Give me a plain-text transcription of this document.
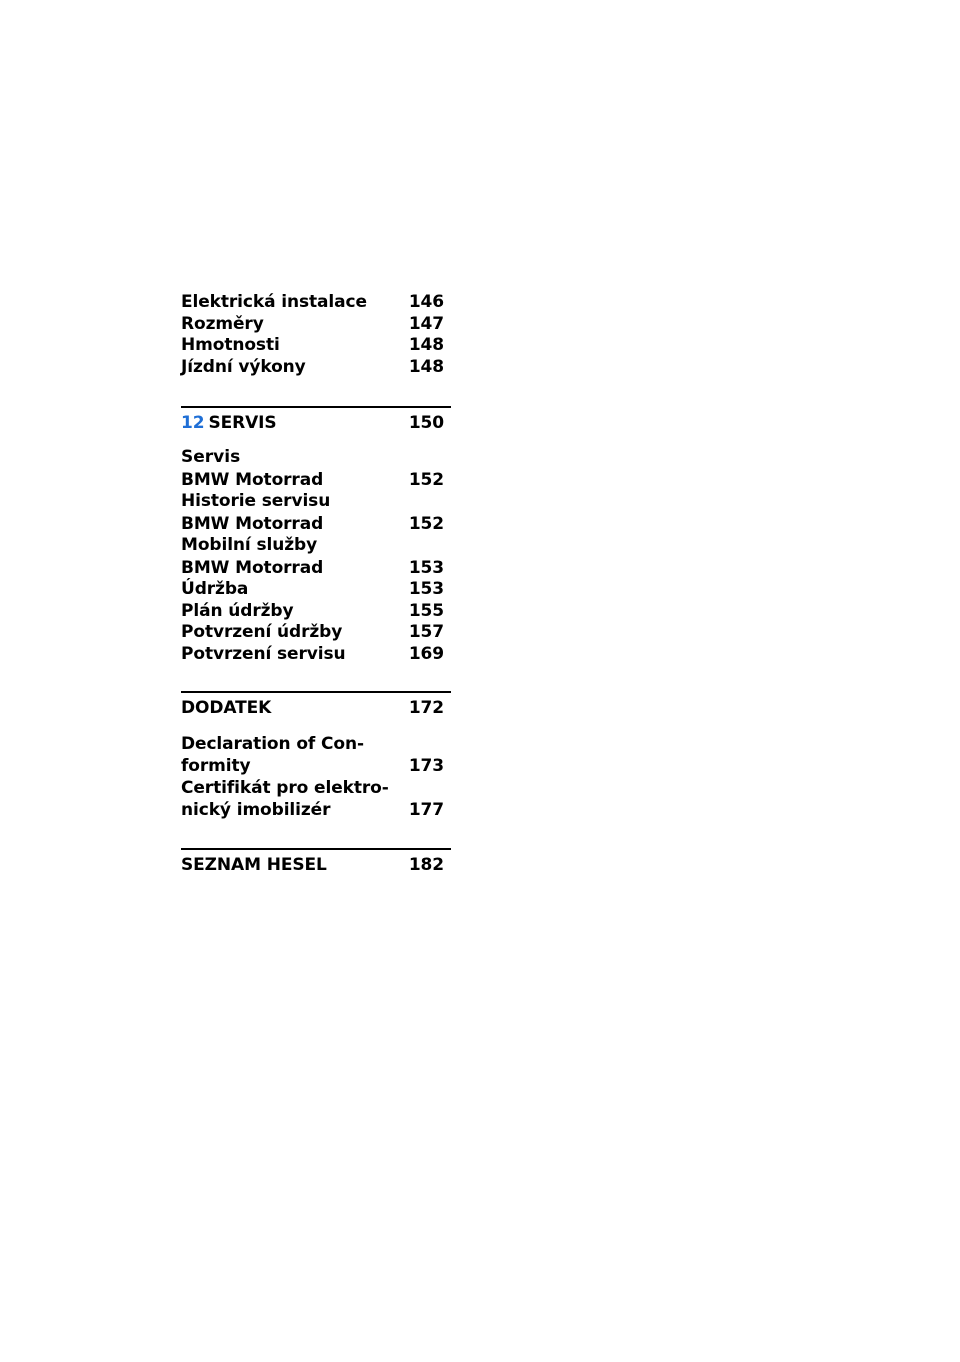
Elektrická instalace	146
Rozměry	147
Hmotnosti	148
Jízdní výkony	148
12 SERVIS	150
Servis
BMW Motorrad	152
Historie servisu
BMW Motorrad	152
Mobilní služby
BMW Motorrad	153
Údržba	153
Plán údržby	155
Potvrzení údržby	157
Potvrzení servisu	169
DODATEK	172
Declaration of Con-
formity	173
Certifikát pro elektro-
nický imobilizér	177
SEZNAM HESEL	182
